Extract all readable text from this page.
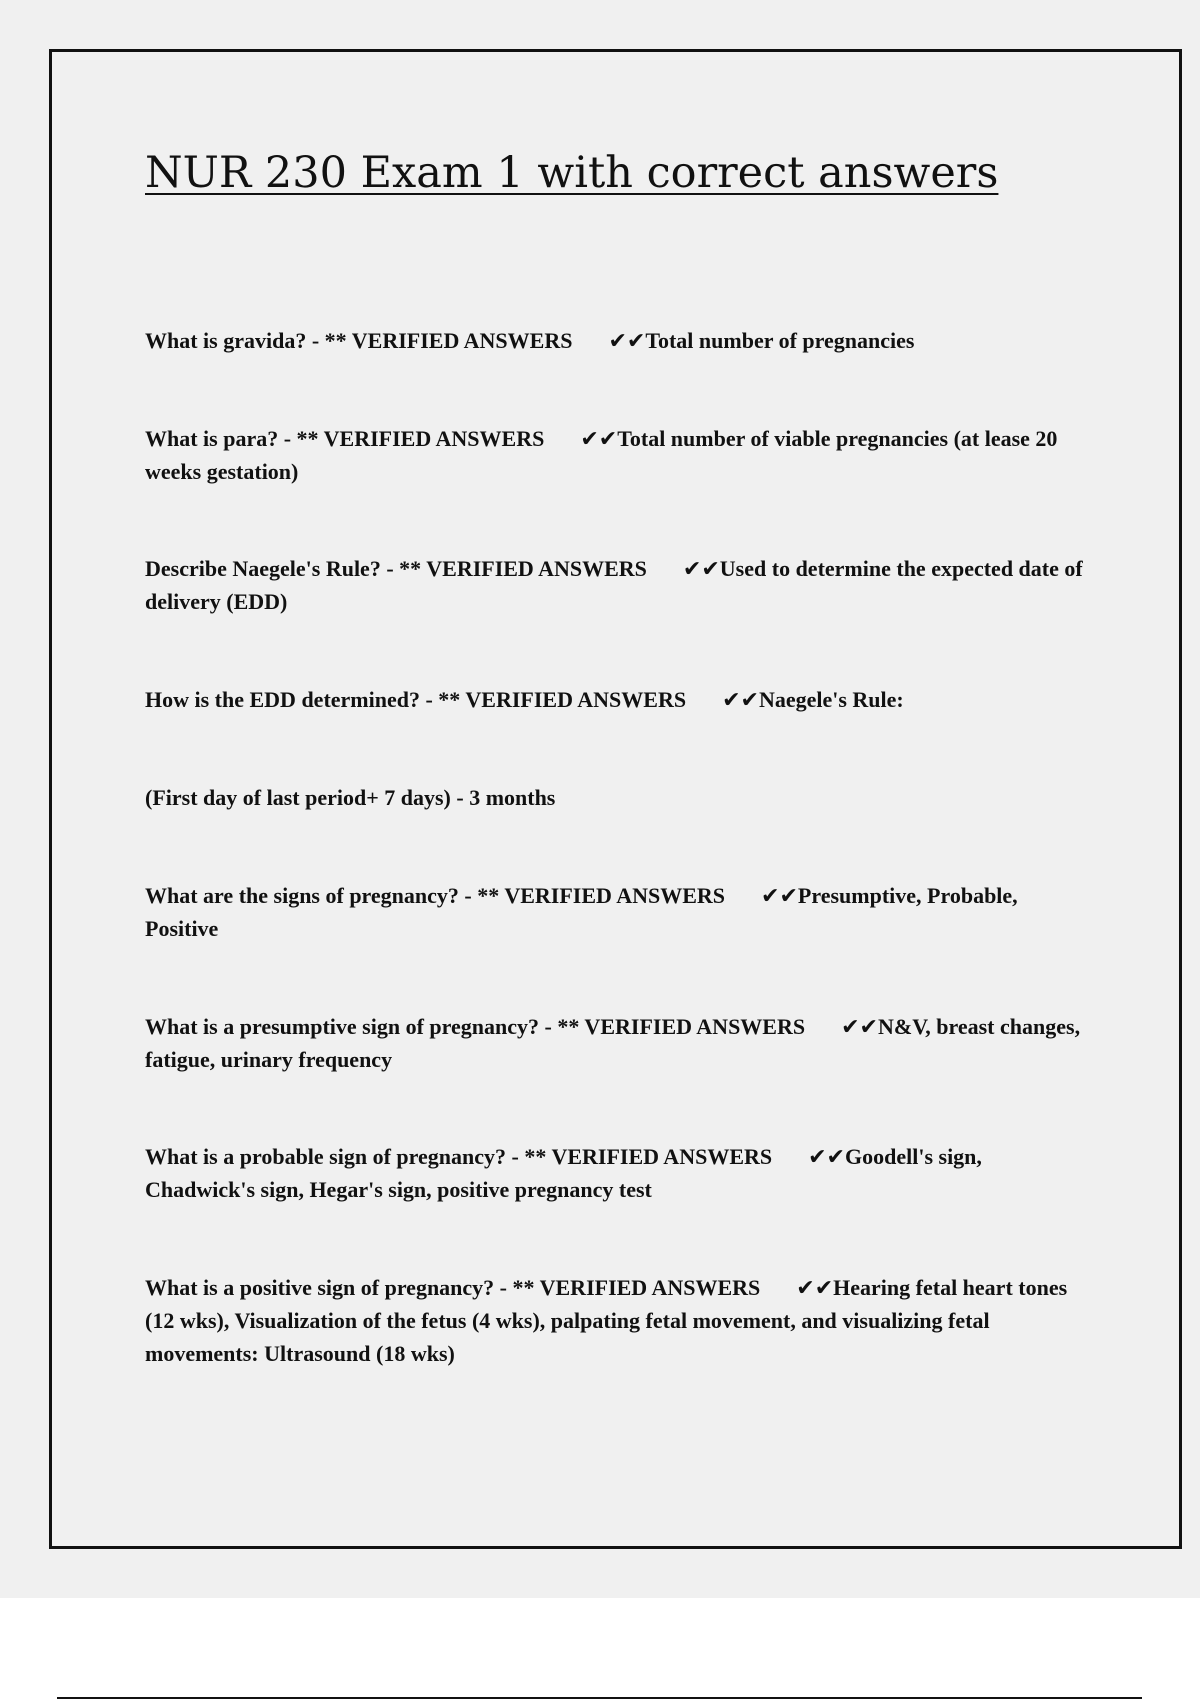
NUR 230 Exam 1 with correct answers

What is gravida? - ** VERIFIED ANSWERS ✔✔Total number of pregnancies

What is para? - ** VERIFIED ANSWERS ✔✔Total number of viable pregnancies (at lease 20 weeks gestation)

Describe Naegele's Rule? - ** VERIFIED ANSWERS ✔✔Used to determine the expected date of delivery (EDD)

How is the EDD determined? - ** VERIFIED ANSWERS ✔✔Naegele's Rule:

(First day of last period+ 7 days) - 3 months

What are the signs of pregnancy? - ** VERIFIED ANSWERS ✔✔Presumptive, Probable, Positive

What is a presumptive sign of pregnancy? - ** VERIFIED ANSWERS ✔✔N&V, breast changes, fatigue, urinary frequency

What is a probable sign of pregnancy? - ** VERIFIED ANSWERS ✔✔Goodell's sign, Chadwick's sign, Hegar's sign, positive pregnancy test

What is a positive sign of pregnancy? - ** VERIFIED ANSWERS ✔✔Hearing fetal heart tones (12 wks), Visualization of the fetus (4 wks), palpating fetal movement, and visualizing fetal movements: Ultrasound (18 wks)
